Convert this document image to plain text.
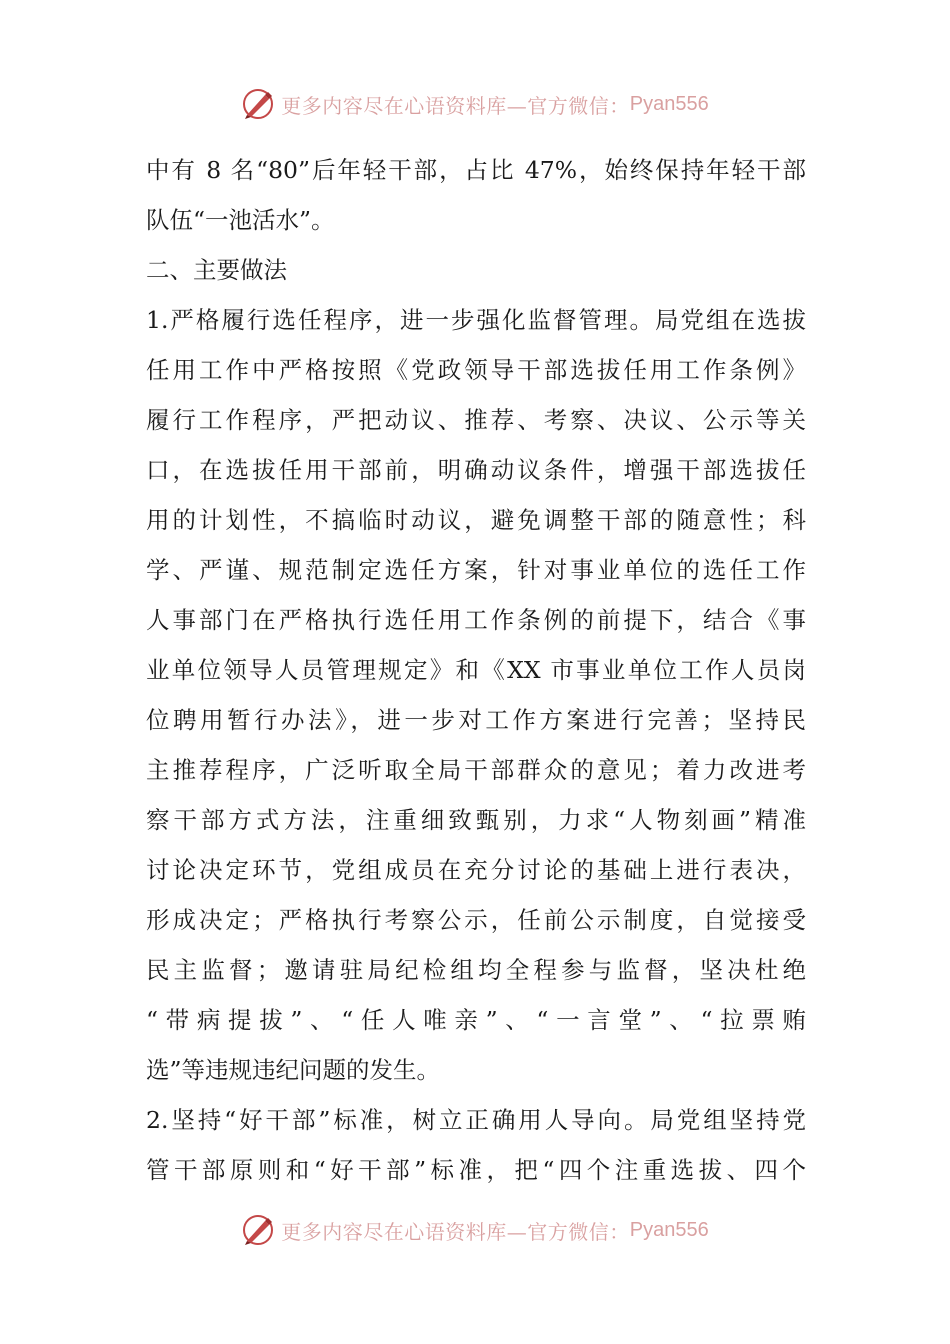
更多内容尽在心语资料库—官方微信： Pyan556
中有 8 名“80”后年轻干部，占比 47%，始终保持年轻干部
队伍“一池活水”。
二、主要做法
1.严格履行选任程序，进一步强化监督管理。局党组在选拔
任用工作中严格按照《党政领导干部选拔任用工作条例》
履行工作程序，严把动议、推荐、考察、决议、公示等关
口，在选拔任用干部前，明确动议条件，增强干部选拔任
用的计划性，不搞临时动议，避免调整干部的随意性；科
学、严谨、规范制定选任方案，针对事业单位的选任工作
人事部门在严格执行选任用工作条例的前提下，结合《事
业单位领导人员管理规定》和《XX 市事业单位工作人员岗
位聘用暂行办法》，进一步对工作方案进行完善；坚持民
主推荐程序，广泛听取全局干部群众的意见；着力改进考
察干部方式方法，注重细致甄别，力求“人物刻画”精准
讨论决定环节，党组成员在充分讨论的基础上进行表决，
形成决定；严格执行考察公示，任前公示制度，自觉接受
民主监督；邀请驻局纪检组均全程参与监督，坚决杜绝
“带病提拔”、“任人唯亲”、“一言堂”、“拉票贿
选”等违规违纪问题的发生。
2.坚持“好干部”标准，树立正确用人导向。局党组坚持党
管干部原则和“好干部”标准，把“四个注重选拔、四个
更多内容尽在心语资料库—官方微信： Pyan556
